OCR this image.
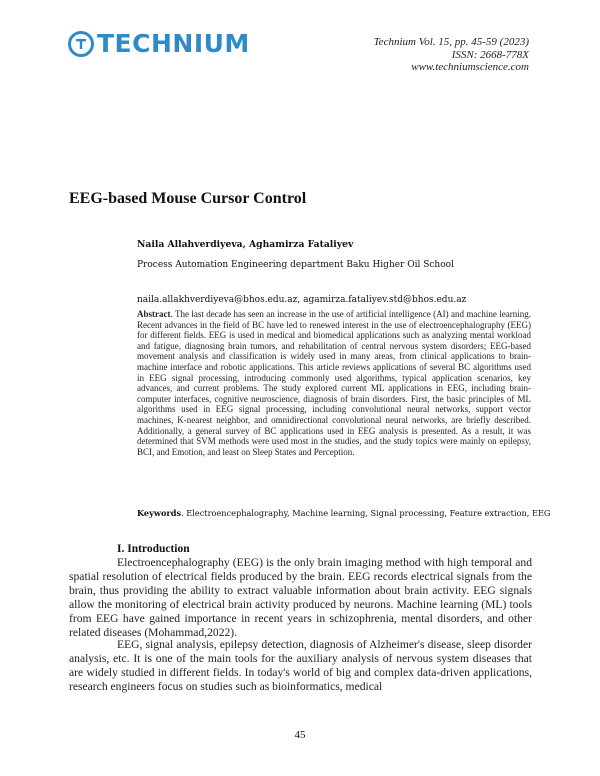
TECHNIUM	Technium Vol. 15, pp. 45-59 (2023)
ISSN: 2668-778X
www.techniumscience.com
EEG-based Mouse Cursor Control
Naila Allahverdiyeva, Aghamirza Fataliyev
Process Automation Engineering department Baku Higher Oil School
naila.allakhverdiyeva@bhos.edu.az, agamirza.fataliyev.std@bhos.edu.az
Abstract. The last decade has seen an increase in the use of artificial intelligence (AI) and machine learning. Recent advances in the field of BC have led to renewed interest in the use of electroencephalography (EEG) for different fields. EEG is used in medical and biomedical applications such as analyzing mental workload and fatigue, diagnosing brain tumors, and rehabilitation of central nervous system disorders; EEG-based movement analysis and classification is widely used in many areas, from clinical applications to brain-machine interface and robotic applications. This article reviews applications of several BC algorithms used in EEG signal processing, introducing commonly used algorithms, typical application scenarios, key advances, and current problems. The study explored current ML applications in EEG, including brain-computer interfaces, cognitive neuroscience, diagnosis of brain disorders. First, the basic principles of ML algorithms used in EEG signal processing, including convolutional neural networks, support vector machines, K-nearest neighbor, and omnidirectional convolutional neural networks, are briefly described. Additionally, a general survey of BC applications used in EEG analysis is presented. As a result, it was determined that SVM methods were used most in the studies, and the study topics were mainly on epilepsy, BCI, and Emotion, and least on Sleep States and Perception.
Keywords. Electroencephalography, Machine learning, Signal processing, Feature extraction, EEG
I. Introduction
Electroencephalography (EEG) is the only brain imaging method with high temporal and spatial resolution of electrical fields produced by the brain. EEG records electrical signals from the brain, thus providing the ability to extract valuable information about brain activity. EEG signals allow the monitoring of electrical brain activity produced by neurons. Machine learning (ML) tools from EEG have gained importance in recent years in schizophrenia, mental disorders, and other related diseases (Mohammad,2022).
EEG, signal analysis, epilepsy detection, diagnosis of Alzheimer's disease, sleep disorder analysis, etc. It is one of the main tools for the auxiliary analysis of nervous system diseases that are widely studied in different fields. In today's world of big and complex data-driven applications, research engineers focus on studies such as bioinformatics, medical
45
